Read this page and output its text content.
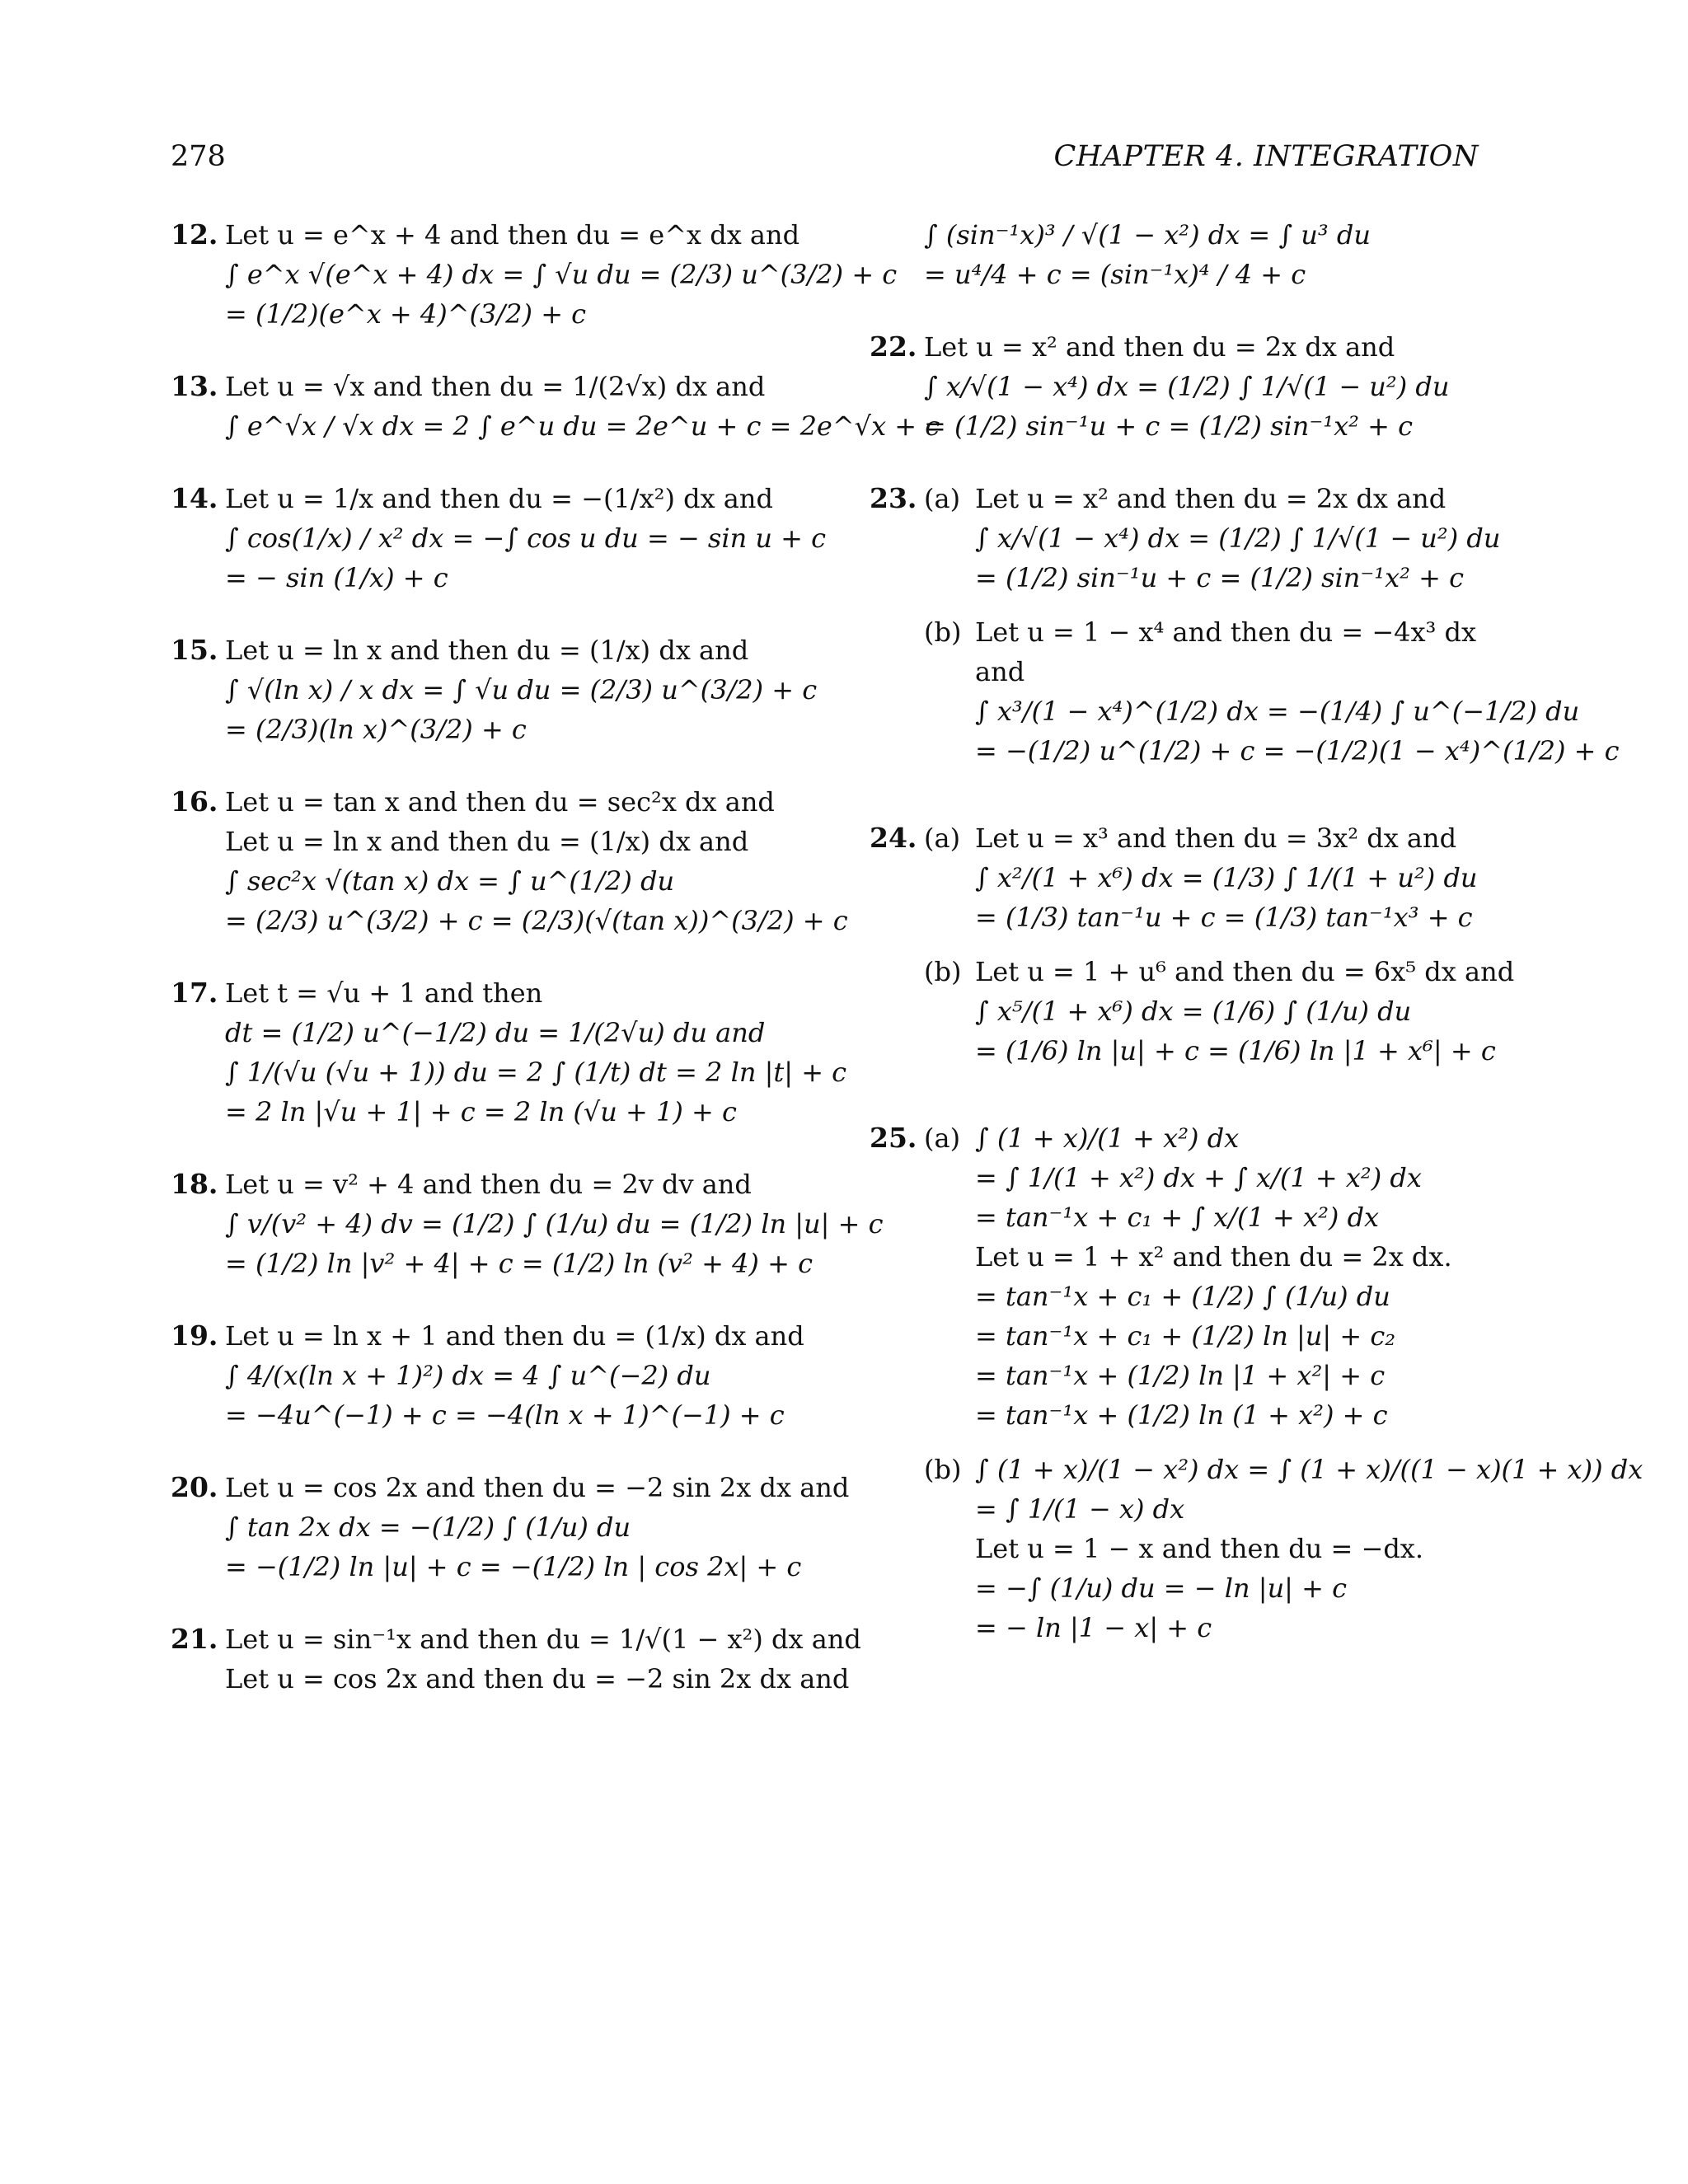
278	CHAPTER 4. INTEGRATION
12. Let u = e^x + 4 and then du = e^x dx and
∫ e^x √(e^x + 4) dx = ∫ √u du = (2/3) u^(3/2) + c
= (1/2)(e^x + 4)^(3/2) + c
13. Let u = √x and then du = 1/(2√x) dx and
∫ e^√x / √x dx = 2 ∫ e^u du = 2e^u + c = 2e^√x + c
14. Let u = 1/x and then du = −(1/x²) dx and
∫ cos(1/x) / x² dx = −∫ cos u du = − sin u + c
= − sin (1/x) + c
15. Let u = ln x and then du = (1/x) dx and
∫ √(ln x) / x dx = ∫ √u du = (2/3) u^(3/2) + c
= (2/3)(ln x)^(3/2) + c
16. Let u = tan x and then du = sec²x dx and
Let u = ln x and then du = (1/x) dx and
∫ sec²x √(tan x) dx = ∫ u^(1/2) du
= (2/3) u^(3/2) + c = (2/3)(√(tan x))^(3/2) + c
17. Let t = √u + 1 and then
dt = (1/2) u^(−1/2) du = 1/(2√u) du and
∫ 1/(√u (√u + 1)) du = 2 ∫ (1/t) dt = 2 ln |t| + c
= 2 ln |√u + 1| + c = 2 ln (√u + 1) + c
18. Let u = v² + 4 and then du = 2v dv and
∫ v/(v² + 4) dv = (1/2) ∫ (1/u) du = (1/2) ln |u| + c
= (1/2) ln |v² + 4| + c = (1/2) ln (v² + 4) + c
19. Let u = ln x + 1 and then du = (1/x) dx and
∫ 4/(x(ln x + 1)²) dx = 4 ∫ u^(−2) du
= −4u^(−1) + c = −4(ln x + 1)^(−1) + c
20. Let u = cos 2x and then du = −2 sin 2x dx and
∫ tan 2x dx = −(1/2) ∫ (1/u) du
= −(1/2) ln |u| + c = −(1/2) ln | cos 2x| + c
21. Let u = sin⁻¹x and then du = 1/√(1 − x²) dx and
Let u = cos 2x and then du = −2 sin 2x dx and
∫ (sin⁻¹x)³ / √(1 − x²) dx = ∫ u³ du
= u⁴/4 + c = (sin⁻¹x)⁴ / 4 + c
22. Let u = x² and then du = 2x dx and
∫ x/√(1 − x⁴) dx = (1/2) ∫ 1/√(1 − u²) du
= (1/2) sin⁻¹u + c = (1/2) sin⁻¹x² + c
23. (a) Let u = x² and then du = 2x dx and
∫ x/√(1 − x⁴) dx = (1/2) ∫ 1/√(1 − u²) du
= (1/2) sin⁻¹u + c = (1/2) sin⁻¹x² + c
(b) Let u = 1 − x⁴ and then du = −4x³ dx
and
∫ x³/(1 − x⁴)^(1/2) dx = −(1/4) ∫ u^(−1/2) du
= −(1/2) u^(1/2) + c = −(1/2)(1 − x⁴)^(1/2) + c
24. (a) Let u = x³ and then du = 3x² dx and
∫ x²/(1 + x⁶) dx = (1/3) ∫ 1/(1 + u²) du
= (1/3) tan⁻¹u + c = (1/3) tan⁻¹x³ + c
(b) Let u = 1 + u⁶ and then du = 6x⁵ dx and
∫ x⁵/(1 + x⁶) dx = (1/6) ∫ (1/u) du
= (1/6) ln |u| + c = (1/6) ln |1 + x⁶| + c
25. (a) ∫ (1 + x)/(1 + x²) dx
= ∫ 1/(1 + x²) dx + ∫ x/(1 + x²) dx
= tan⁻¹x + c₁ + ∫ x/(1 + x²) dx
Let u = 1 + x² and then du = 2x dx.
= tan⁻¹x + c₁ + (1/2) ∫ (1/u) du
= tan⁻¹x + c₁ + (1/2) ln |u| + c₂
= tan⁻¹x + (1/2) ln |1 + x²| + c
= tan⁻¹x + (1/2) ln (1 + x²) + c
(b) ∫ (1 + x)/(1 − x²) dx = ∫ (1 + x)/((1 − x)(1 + x)) dx
= ∫ 1/(1 − x) dx
Let u = 1 − x and then du = −dx.
= −∫ (1/u) du = − ln |u| + c
= − ln |1 − x| + c
